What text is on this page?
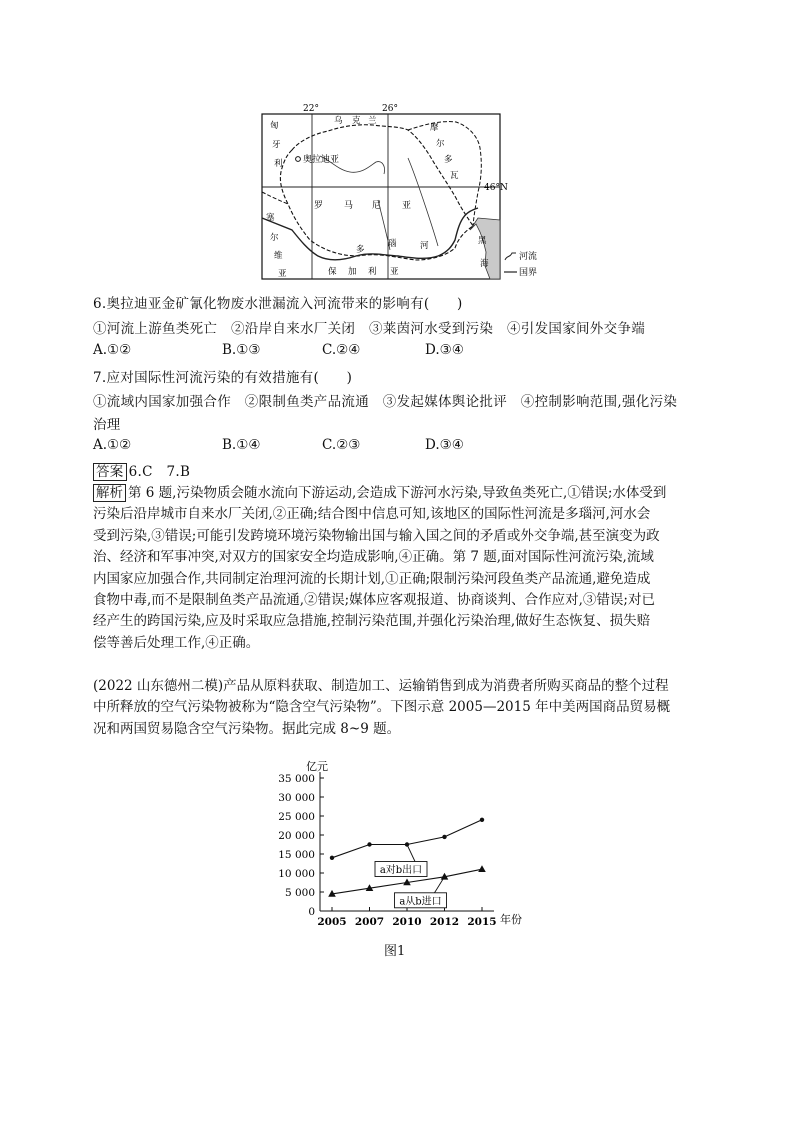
22°	26°
46°N
奥拉迪亚
匈
牙
利
乌 克 兰
摩
尔
多
瓦
罗 马 尼 亚
塞
尔
维
亚
多
瑙	河
保 加 利 亚
黑
海
河流
国界
6.奥拉迪亚金矿氰化物废水泄漏流入河流带来的影响有(　　)
①河流上游鱼类死亡　②沿岸自来水厂关闭　③莱茵河水受到污染　④引发国家间外交争端
A.①②	B.①③	C.②④	D.③④
7.应对国际性河流污染的有效措施有(　　)
①流域内国家加强合作　②限制鱼类产品流通　③发起媒体舆论批评　④控制影响范围,强化污染
治理
A.①②	B.①④	C.②③	D.③④
答案 6.C　7.B
解析 第 6 题,污染物质会随水流向下游运动,会造成下游河水污染,导致鱼类死亡,①错误;水体受到
污染后沿岸城市自来水厂关闭,②正确;结合图中信息可知,该地区的国际性河流是多瑙河,河水会
受到污染,③错误;可能引发跨境环境污染物输出国与输入国之间的矛盾或外交争端,甚至演变为政
治、经济和军事冲突,对双方的国家安全均造成影响,④正确。第 7 题,面对国际性河流污染,流域
内国家应加强合作,共同制定治理河流的长期计划,①正确;限制污染河段鱼类产品流通,避免造成
食物中毒,而不是限制鱼类产品流通,②错误;媒体应客观报道、协商谈判、合作应对,③错误;对已
经产生的跨国污染,应及时采取应急措施,控制污染范围,并强化污染治理,做好生态恢复、损失赔
偿等善后处理工作,④正确。
(2022 山东德州二模)产品从原料获取、制造加工、运输销售到成为消费者所购买商品的整个过程
中所释放的空气污染物被称为“隐含空气污染物”。下图示意 2005—2015 年中美两国商品贸易概
况和两国贸易隐含空气污染物。据此完成 8~9 题。
0
5 000
10 000
15 000
20 000
25 000
30 000
35 000
2005 2007 2010 2012 2015
a对b出口
a从b进口
亿元
年份
图1
